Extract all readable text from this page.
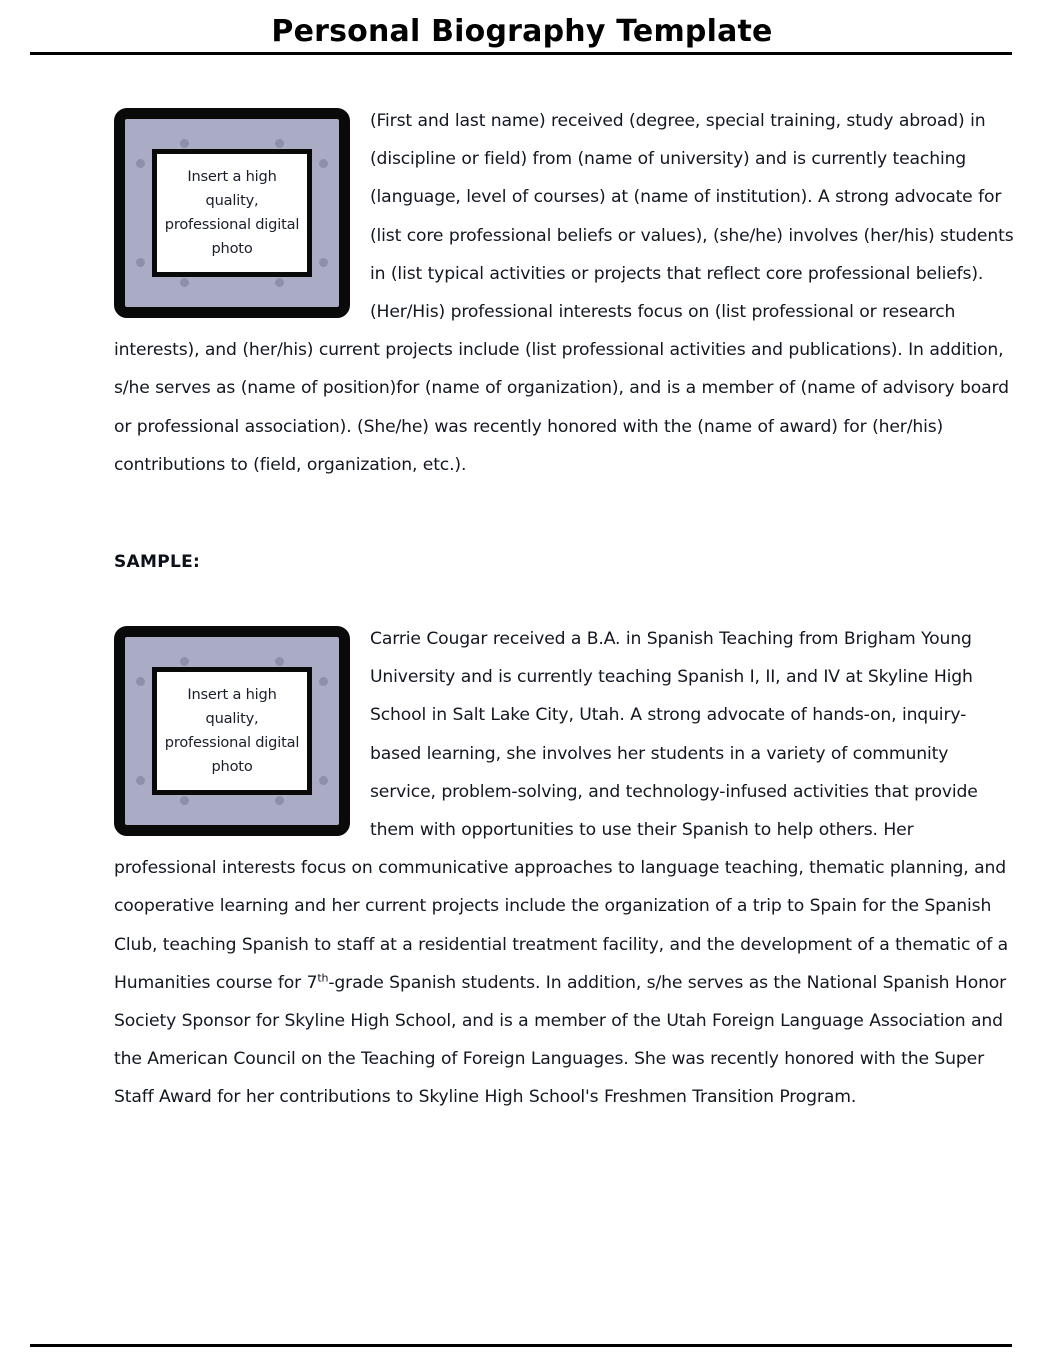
Personal Biography Template
Insert a high quality, professional digital photo

(First and last name) received (degree, special training, study abroad) in (discipline or field) from (name of university) and is currently teaching (language, level of courses) at (name of institution). A strong advocate for (list core professional beliefs or values), (she/he) involves (her/his) students in (list typical activities or projects that reflect core professional beliefs). (Her/His) professional interests focus on (list professional or research interests), and (her/his) current projects include (list professional activities and publications). In addition, s/he serves as (name of position)for (name of organization), and is a member of (name of advisory board or professional association). (She/he) was recently honored with the (name of award) for (her/his) contributions to (field, organization, etc.).

SAMPLE:

Insert a high quality, professional digital photo

Carrie Cougar received a B.A. in Spanish Teaching from Brigham Young University and is currently teaching Spanish I, II, and IV at Skyline High School in Salt Lake City, Utah. A strong advocate of hands-on, inquiry-based learning, she involves her students in a variety of community service, problem-solving, and technology-infused activities that provide them with opportunities to use their Spanish to help others. Her professional interests focus on communicative approaches to language teaching, thematic planning, and cooperative learning and her current projects include the organization of a trip to Spain for the Spanish Club, teaching Spanish to staff at a residential treatment facility, and the development of a thematic of a Humanities course for 7th-grade Spanish students. In addition, s/he serves as the National Spanish Honor Society Sponsor for Skyline High School, and is a member of the Utah Foreign Language Association and the American Council on the Teaching of Foreign Languages. She was recently honored with the Super Staff Award for her contributions to Skyline High School's Freshmen Transition Program.
